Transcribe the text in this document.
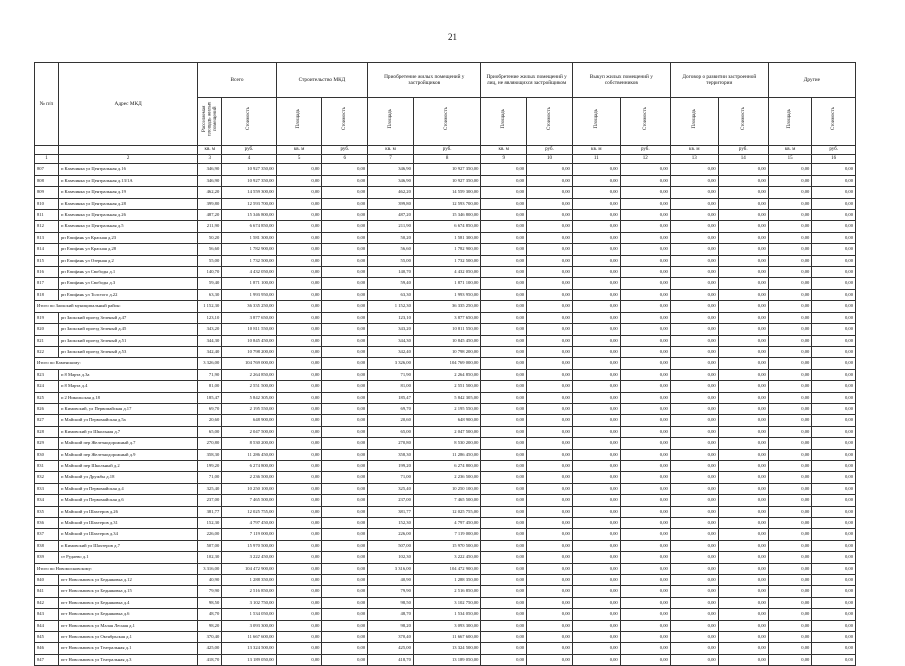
21
№ п/п	Адрес МКД	Всего		Строительство МКД		Приобретение жилых помещений у застройщиков		Приобретение жилых помещений у лиц, не являющихся застройщиком		Выкуп жилых помещений у собственников		Договор о развитии застроенной территории		Другие	
		Расселяемая площадь жилых помещений	Стоимость	Площадь	Стоимость	Площадь	Стоимость	Площадь	Стоимость	Площадь	Стоимость	Площадь	Стоимость	Площадь	Стоимость
		кв. м	руб.	кв. м	руб.	кв. м	руб.	кв. м	руб.	кв. м	руб.	кв. м	руб.	кв. м	руб.
1	2	3	4	5	6	7	8	9	10	11	12	13	14	15	16
807	п Казачинка ул Центральная д.16	346,90	10 927 350,00	0,00	0,00	346,90	10 927 350,00	0,00	0,00	0,00	0,00	0,00	0,00	0,00	0,00
808	п Казачинка ул Центральная д.13/1А	346,90	10 927 350,00	0,00	0,00	346,90	10 927 350,00	0,00	0,00	0,00	0,00	0,00	0,00	0,00	0,00
809	п Казачинка ул Центральная д.19	462,20	14 559 300,00	0,00	0,00	462,20	14 559 300,00	0,00	0,00	0,00	0,00	0,00	0,00	0,00	0,00
810	п Казачинка ул Центральная д.28	399,80	12 593 700,00	0,00	0,00	399,80	12 593 700,00	0,00	0,00	0,00	0,00	0,00	0,00	0,00	0,00
811	п Казачинка ул Центральная д.26	487,20	15 346 800,00	0,00	0,00	487,20	15 346 800,00	0,00	0,00	0,00	0,00	0,00	0,00	0,00	0,00
812	п Казачинка ул Центральная д.5	211,90	6 674 850,00	0,00	0,00	211,90	6 674 850,00	0,00	0,00	0,00	0,00	0,00	0,00	0,00	0,00
813	рп Епифань ул Красная д.23	50,20	1 581 300,00	0,00	0,00	50,20	1 581 300,00	0,00	0,00	0,00	0,00	0,00	0,00	0,00	0,00
814	рп Епифань ул Красная д.28	56,60	1 782 900,00	0,00	0,00	56,60	1 782 900,00	0,00	0,00	0,00	0,00	0,00	0,00	0,00	0,00
815	рп Епифань ул Озерная д.2	55,00	1 732 500,00	0,00	0,00	55,00	1 732 500,00	0,00	0,00	0,00	0,00	0,00	0,00	0,00	0,00
816	рп Епифань ул Свободы д.1	140,70	4 432 050,00	0,00	0,00	140,70	4 432 050,00	0,00	0,00	0,00	0,00	0,00	0,00	0,00	0,00
817	рп Епифань ул Свободы д.3	59,40	1 871 100,00	0,00	0,00	59,40	1 871 100,00	0,00	0,00	0,00	0,00	0,00	0,00	0,00	0,00
818	рп Епифань ул Толстого д.22	63,30	1 993 950,00	0,00	0,00	63,30	1 993 950,00	0,00	0,00	0,00	0,00	0,00	0,00	0,00	0,00
Итого по Заокский муниципальный район:		1 152,30	36 335 250,00	0,00	0,00	1 152,30	36 335 250,00	0,00	0,00	0,00	0,00	0,00	0,00	0,00	0,00
819	рп Заокский проезд Зеленый д.47	123,10	3 877 650,00	0,00	0,00	123,10	3 877 650,00	0,00	0,00	0,00	0,00	0,00	0,00	0,00	0,00
820	рп Заокский проезд Зеленый д.45	343,20	10 811 550,00	0,00	0,00	343,20	10 811 550,00	0,00	0,00	0,00	0,00	0,00	0,00	0,00	0,00
821	рп Заокский проезд Зеленый д.51	344,30	10 845 450,00	0,00	0,00	344,30	10 845 450,00	0,00	0,00	0,00	0,00	0,00	0,00	0,00	0,00
822	рп Заокский проезд Зеленый д.53	342,40	10 798 200,00	0,00	0,00	342,40	10 798 200,00	0,00	0,00	0,00	0,00	0,00	0,00	0,00	0,00
Итого по Каменскому:		3 326,00	104 769 000,00	0,00	0,00	3 326,00	104 769 000,00	0,00	0,00	0,00	0,00	0,00	0,00	0,00	0,00
823	п 8 Марта д.3а	71,90	2 264 850,00	0,00	0,00	71,90	2 264 850,00	0,00	0,00	0,00	0,00	0,00	0,00	0,00	0,00
824	п 8 Марта д.4	81,00	2 551 500,00	0,00	0,00	81,00	2 551 500,00	0,00	0,00	0,00	0,00	0,00	0,00	0,00	0,00
825	п 2 Никольская д.18	185,47	5 842 305,00	0,00	0,00	185,47	5 842 305,00	0,00	0,00	0,00	0,00	0,00	0,00	0,00	0,00
826	п Кимовский, ул Первомайская д.17	69,70	2 195 550,00	0,00	0,00	69,70	2 195 550,00	0,00	0,00	0,00	0,00	0,00	0,00	0,00	0,00
827	п Майский ул Первомайская д.5а	20,60	648 900,00	0,00	0,00	20,60	648 900,00	0,00	0,00	0,00	0,00	0,00	0,00	0,00	0,00
828	п Кимовский ул Школьная д.7	65,00	2 047 500,00	0,00	0,00	65,00	2 047 500,00	0,00	0,00	0,00	0,00	0,00	0,00	0,00	0,00
829	п Майский пер Железнодорожный д.7	270,80	8 530 200,00	0,00	0,00	270,80	8 530 200,00	0,00	0,00	0,00	0,00	0,00	0,00	0,00	0,00
830	п Майский пер Железнодорожный д.9	358,30	11 286 450,00	0,00	0,00	358,30	11 286 450,00	0,00	0,00	0,00	0,00	0,00	0,00	0,00	0,00
831	п Майский пер Школьный д.2	199,20	6 274 800,00	0,00	0,00	199,20	6 274 800,00	0,00	0,00	0,00	0,00	0,00	0,00	0,00	0,00
832	п Майский ул Дружбы д.18	71,00	2 236 500,00	0,00	0,00	71,00	2 236 500,00	0,00	0,00	0,00	0,00	0,00	0,00	0,00	0,00
833	п Майский ул Первомайская д.4	325,40	10 250 100,00	0,00	0,00	325,40	10 250 100,00	0,00	0,00	0,00	0,00	0,00	0,00	0,00	0,00
834	п Майский ул Первомайская д.6	237,00	7 465 500,00	0,00	0,00	237,00	7 465 500,00	0,00	0,00	0,00	0,00	0,00	0,00	0,00	0,00
835	п Майский ул Шахтеров д.26	381,77	12 025 755,00	0,00	0,00	381,77	12 025 755,00	0,00	0,00	0,00	0,00	0,00	0,00	0,00	0,00
836	п Майский ул Шахтеров д.31	152,30	4 797 450,00	0,00	0,00	152,30	4 797 450,00	0,00	0,00	0,00	0,00	0,00	0,00	0,00	0,00
837	п Майский ул Шахтеров д.34	226,00	7 119 000,00	0,00	0,00	226,00	7 119 000,00	0,00	0,00	0,00	0,00	0,00	0,00	0,00	0,00
838	п Кимовский ул Шахтеров д.7	507,00	15 970 500,00	0,00	0,00	507,00	15 970 500,00	0,00	0,00	0,00	0,00	0,00	0,00	0,00	0,00
839	ст Рудаево д.1	102,30	3 222 450,00	0,00	0,00	102,30	3 222 450,00	0,00	0,00	0,00	0,00	0,00	0,00	0,00	0,00
Итого по Новомосковскому:		3 316,00	104 472 900,00	0,00	0,00	3 316,00	104 472 900,00	0,00	0,00	0,00	0,00	0,00	0,00	0,00	0,00
840	пгт Новольвовск ул Бедняковка д.12	40,90	1 288 350,00	0,00	0,00	40,90	1 288 350,00	0,00	0,00	0,00	0,00	0,00	0,00	0,00	0,00
841	пгт Новольвовск ул Бедняковка д.15	79,90	2 516 850,00	0,00	0,00	79,90	2 516 850,00	0,00	0,00	0,00	0,00	0,00	0,00	0,00	0,00
842	пгт Новольвовск ул Бедняковка д.4	98,50	3 102 750,00	0,00	0,00	98,50	3 102 750,00	0,00	0,00	0,00	0,00	0,00	0,00	0,00	0,00
843	пгт Новольвовск ул Бедняковка д.6	48,70	1 534 050,00	0,00	0,00	48,70	1 534 050,00	0,00	0,00	0,00	0,00	0,00	0,00	0,00	0,00
844	пгт Новольвовск ул Малая Лесная д.1	98,20	3 093 300,00	0,00	0,00	98,20	3 093 300,00	0,00	0,00	0,00	0,00	0,00	0,00	0,00	0,00
845	пгт Новольвовск ул Октябрьская д.1	370,40	11 667 600,00	0,00	0,00	370,40	11 667 600,00	0,00	0,00	0,00	0,00	0,00	0,00	0,00	0,00
846	пгт Новольвовск ул Театральная д.1	425,00	13 324 500,00	0,00	0,00	425,00	13 324 500,00	0,00	0,00	0,00	0,00	0,00	0,00	0,00	0,00
847	пгт Новольвовск ул Театральная д.3	418,70	13 189 050,00	0,00	0,00	418,70	13 189 050,00	0,00	0,00	0,00	0,00	0,00	0,00	0,00	0,00
